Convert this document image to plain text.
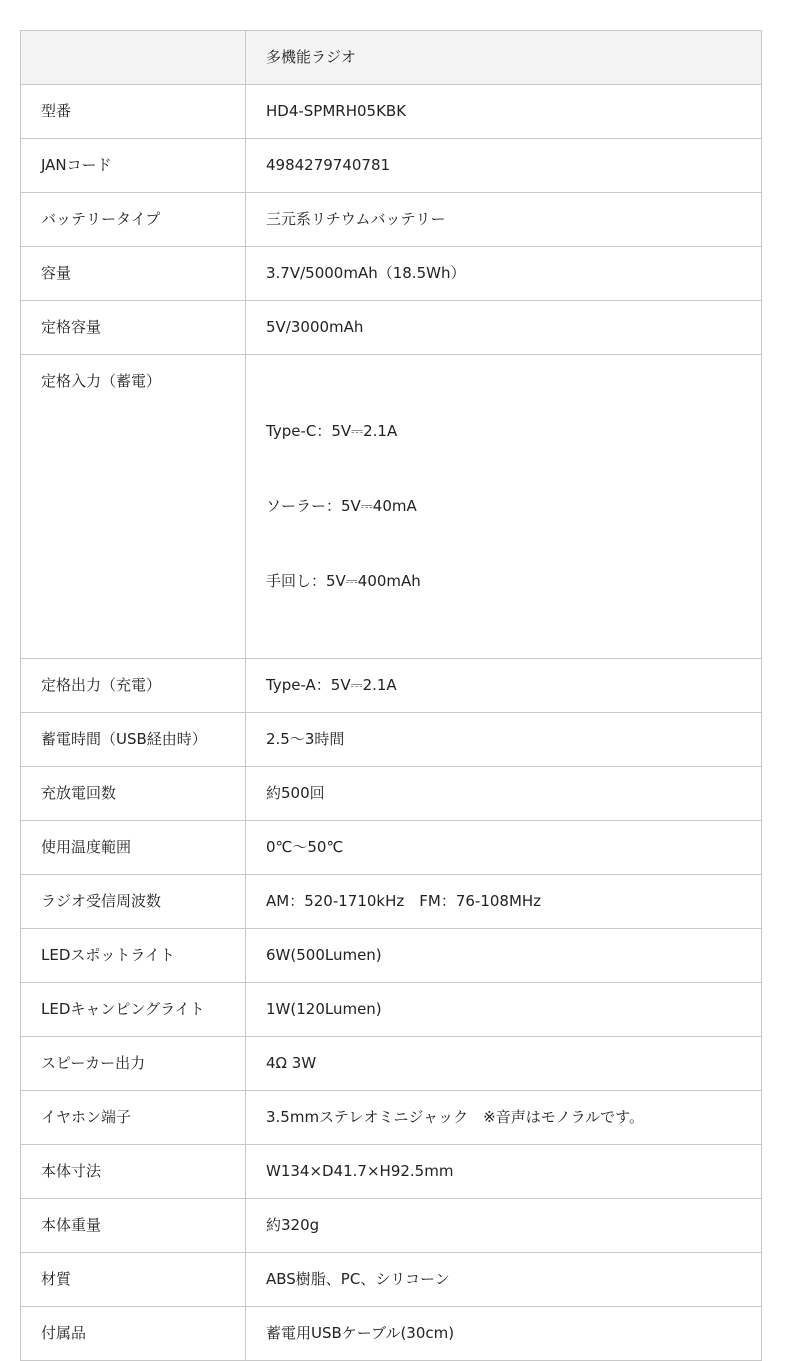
	多機能ラジオ
型番	HD4-SPMRH05KBK
JANコード	4984279740781
バッテリータイプ	三元系リチウムバッテリー
容量	3.7V/5000mAh（18.5Wh）
定格容量	5V/3000mAh
定格入力（蓄電）	Type-C：5V⎓2.1A

ソーラー：5V⎓40mA

手回し：5V⎓400mAh

定格出力（充電）	Type-A：5V⎓2.1A
蓄電時間（USB経由時）	2.5〜3時間
充放電回数	約500回
使用温度範囲	0℃〜50℃
ラジオ受信周波数	AM：520-1710kHz　FM：76-108MHz
LEDスポットライト	6W(500Lumen)
LEDキャンピングライト	1W(120Lumen)
スピーカー出力	4Ω 3W
イヤホン端子	3.5mmステレオミニジャック　※音声はモノラルです。
本体寸法	W134×D41.7×H92.5mm
本体重量	約320g
材質	ABS樹脂、PC、シリコーン
付属品	蓄電用USBケーブル(30cm)
